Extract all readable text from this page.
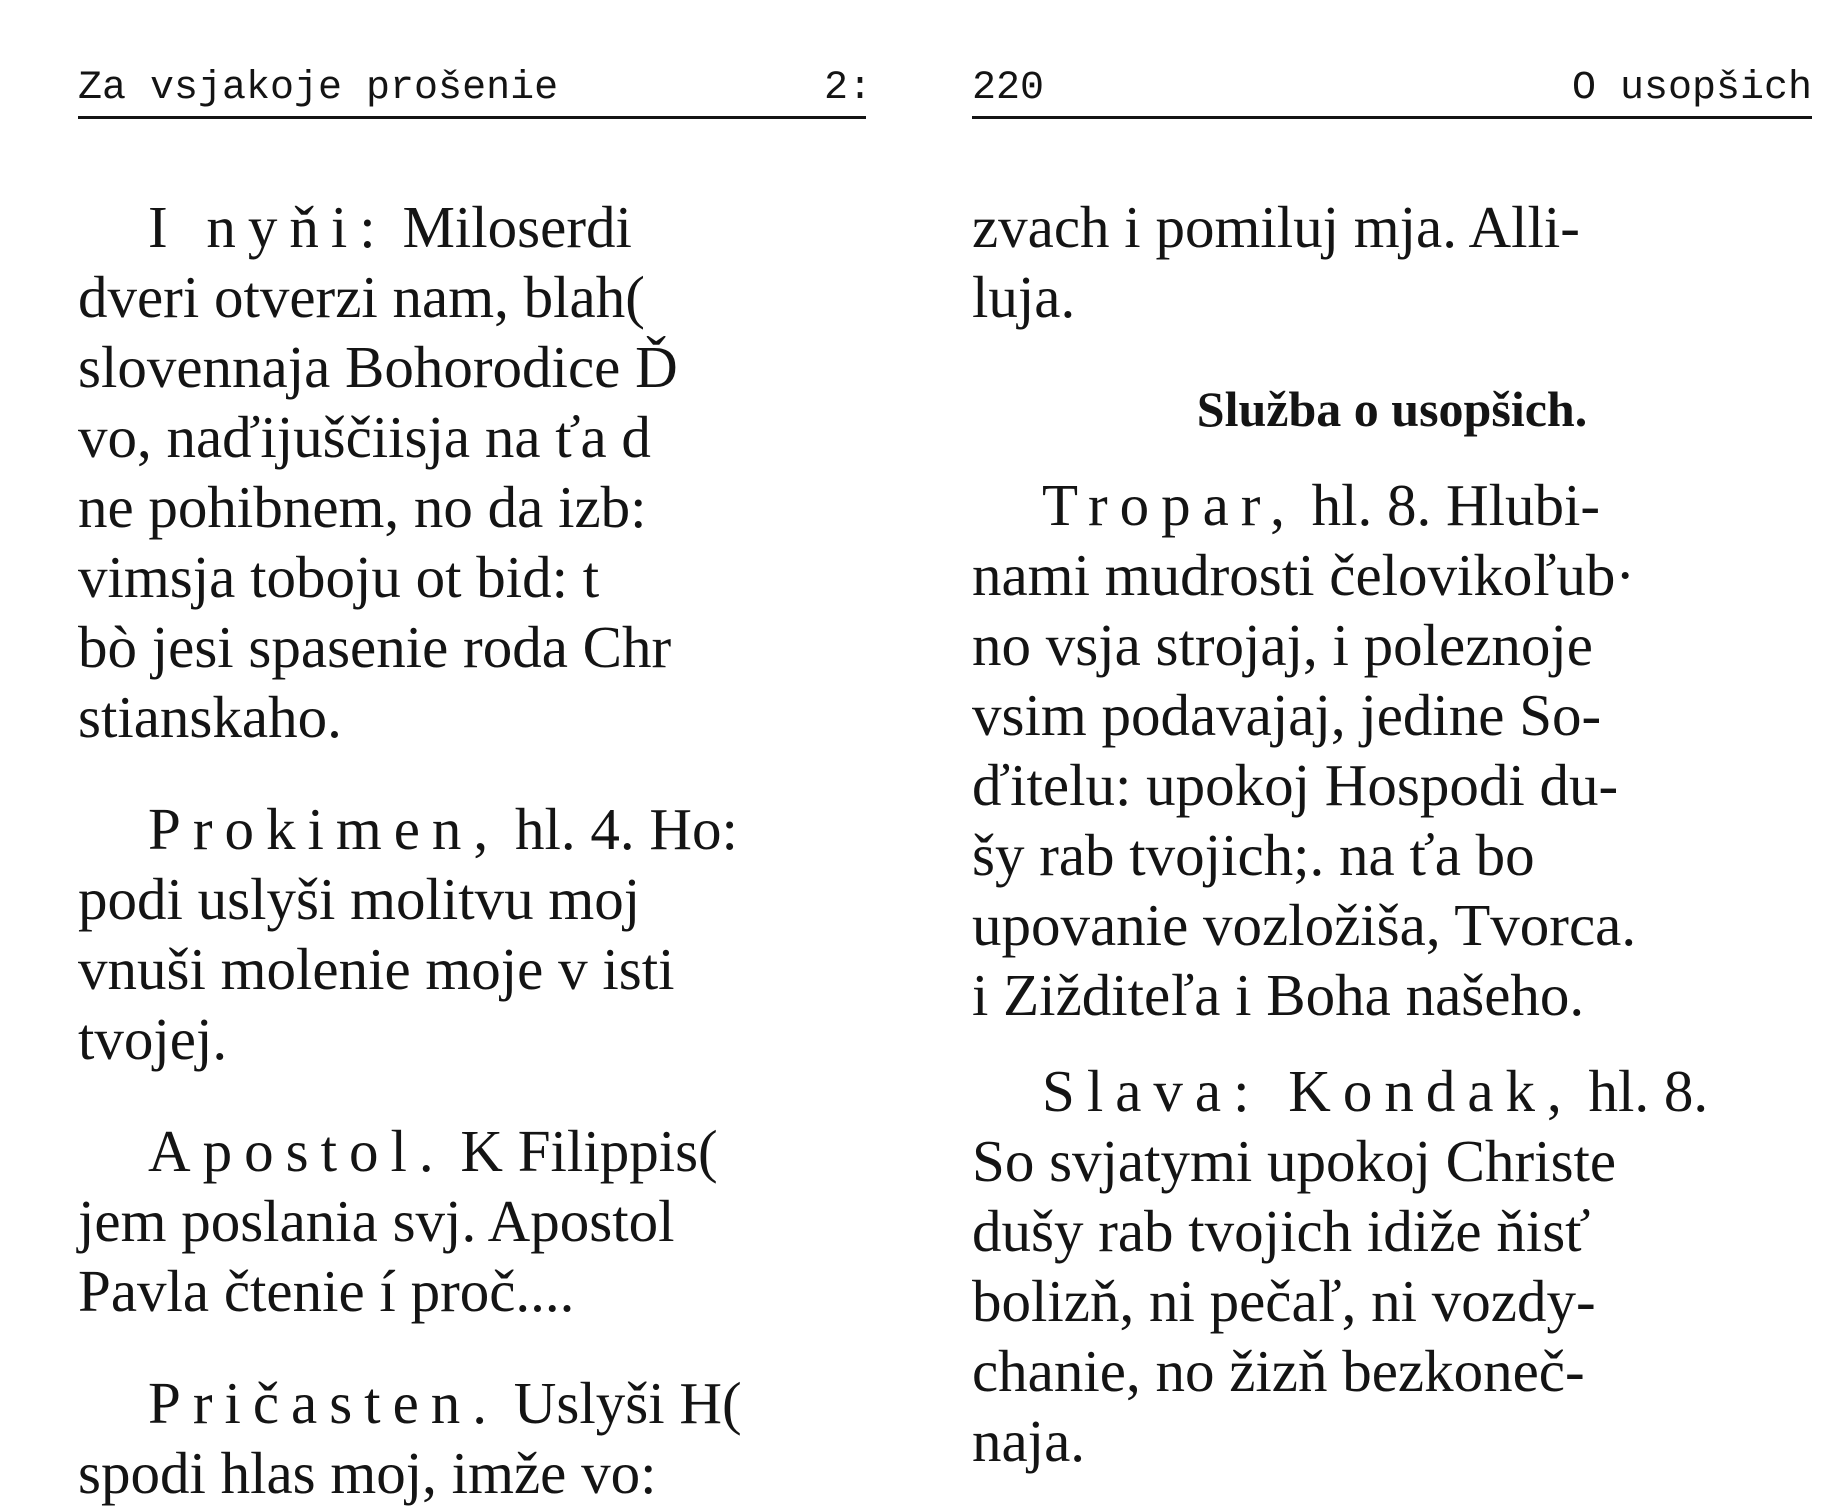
Za vsjakoje prošenie	2:
I nyňi: Miloserdi
dveri otverzi nam, blah(
slovennaja Bohorodice Ď
vo, naďijuščiisja na ťa d
ne pohibnem, no da izb:
vimsja toboju ot bid: t
bò jesi spasenie roda Chr
stianskaho.
Prokimen, hl. 4. Ho:
podi uslyši molitvu moj
vnuši molenie moje v isti
tvojej.
Apostol. K Filippis(
jem poslania svj. Apostol
Pavla čtenie í proč....
Pričasten. Uslyši H(
spodi hlas moj, imže vo:
220	O usopšich
zvach i pomiluj mja. Alli-
luja.

Služba o usopšich.

Tropar, hl. 8. Hlubi-
nami mudrosti čelovikoľub·
no vsja strojaj, i poleznoje
vsim podavajaj, jedine So-
ďitelu: upokoj Hospodi du-
šy rab tvojich;. na ťa bo
upovanie vozložiša, Tvorca.
i Zižditeľa i Boha našeho.
Slava: Kondak, hl. 8.
So svjatymi upokoj Christe
dušy rab tvojich idiže ňisť
bolizň, ni pečaľ, ni vozdy-
chanie, no žizň bezkoneč-
naja.
